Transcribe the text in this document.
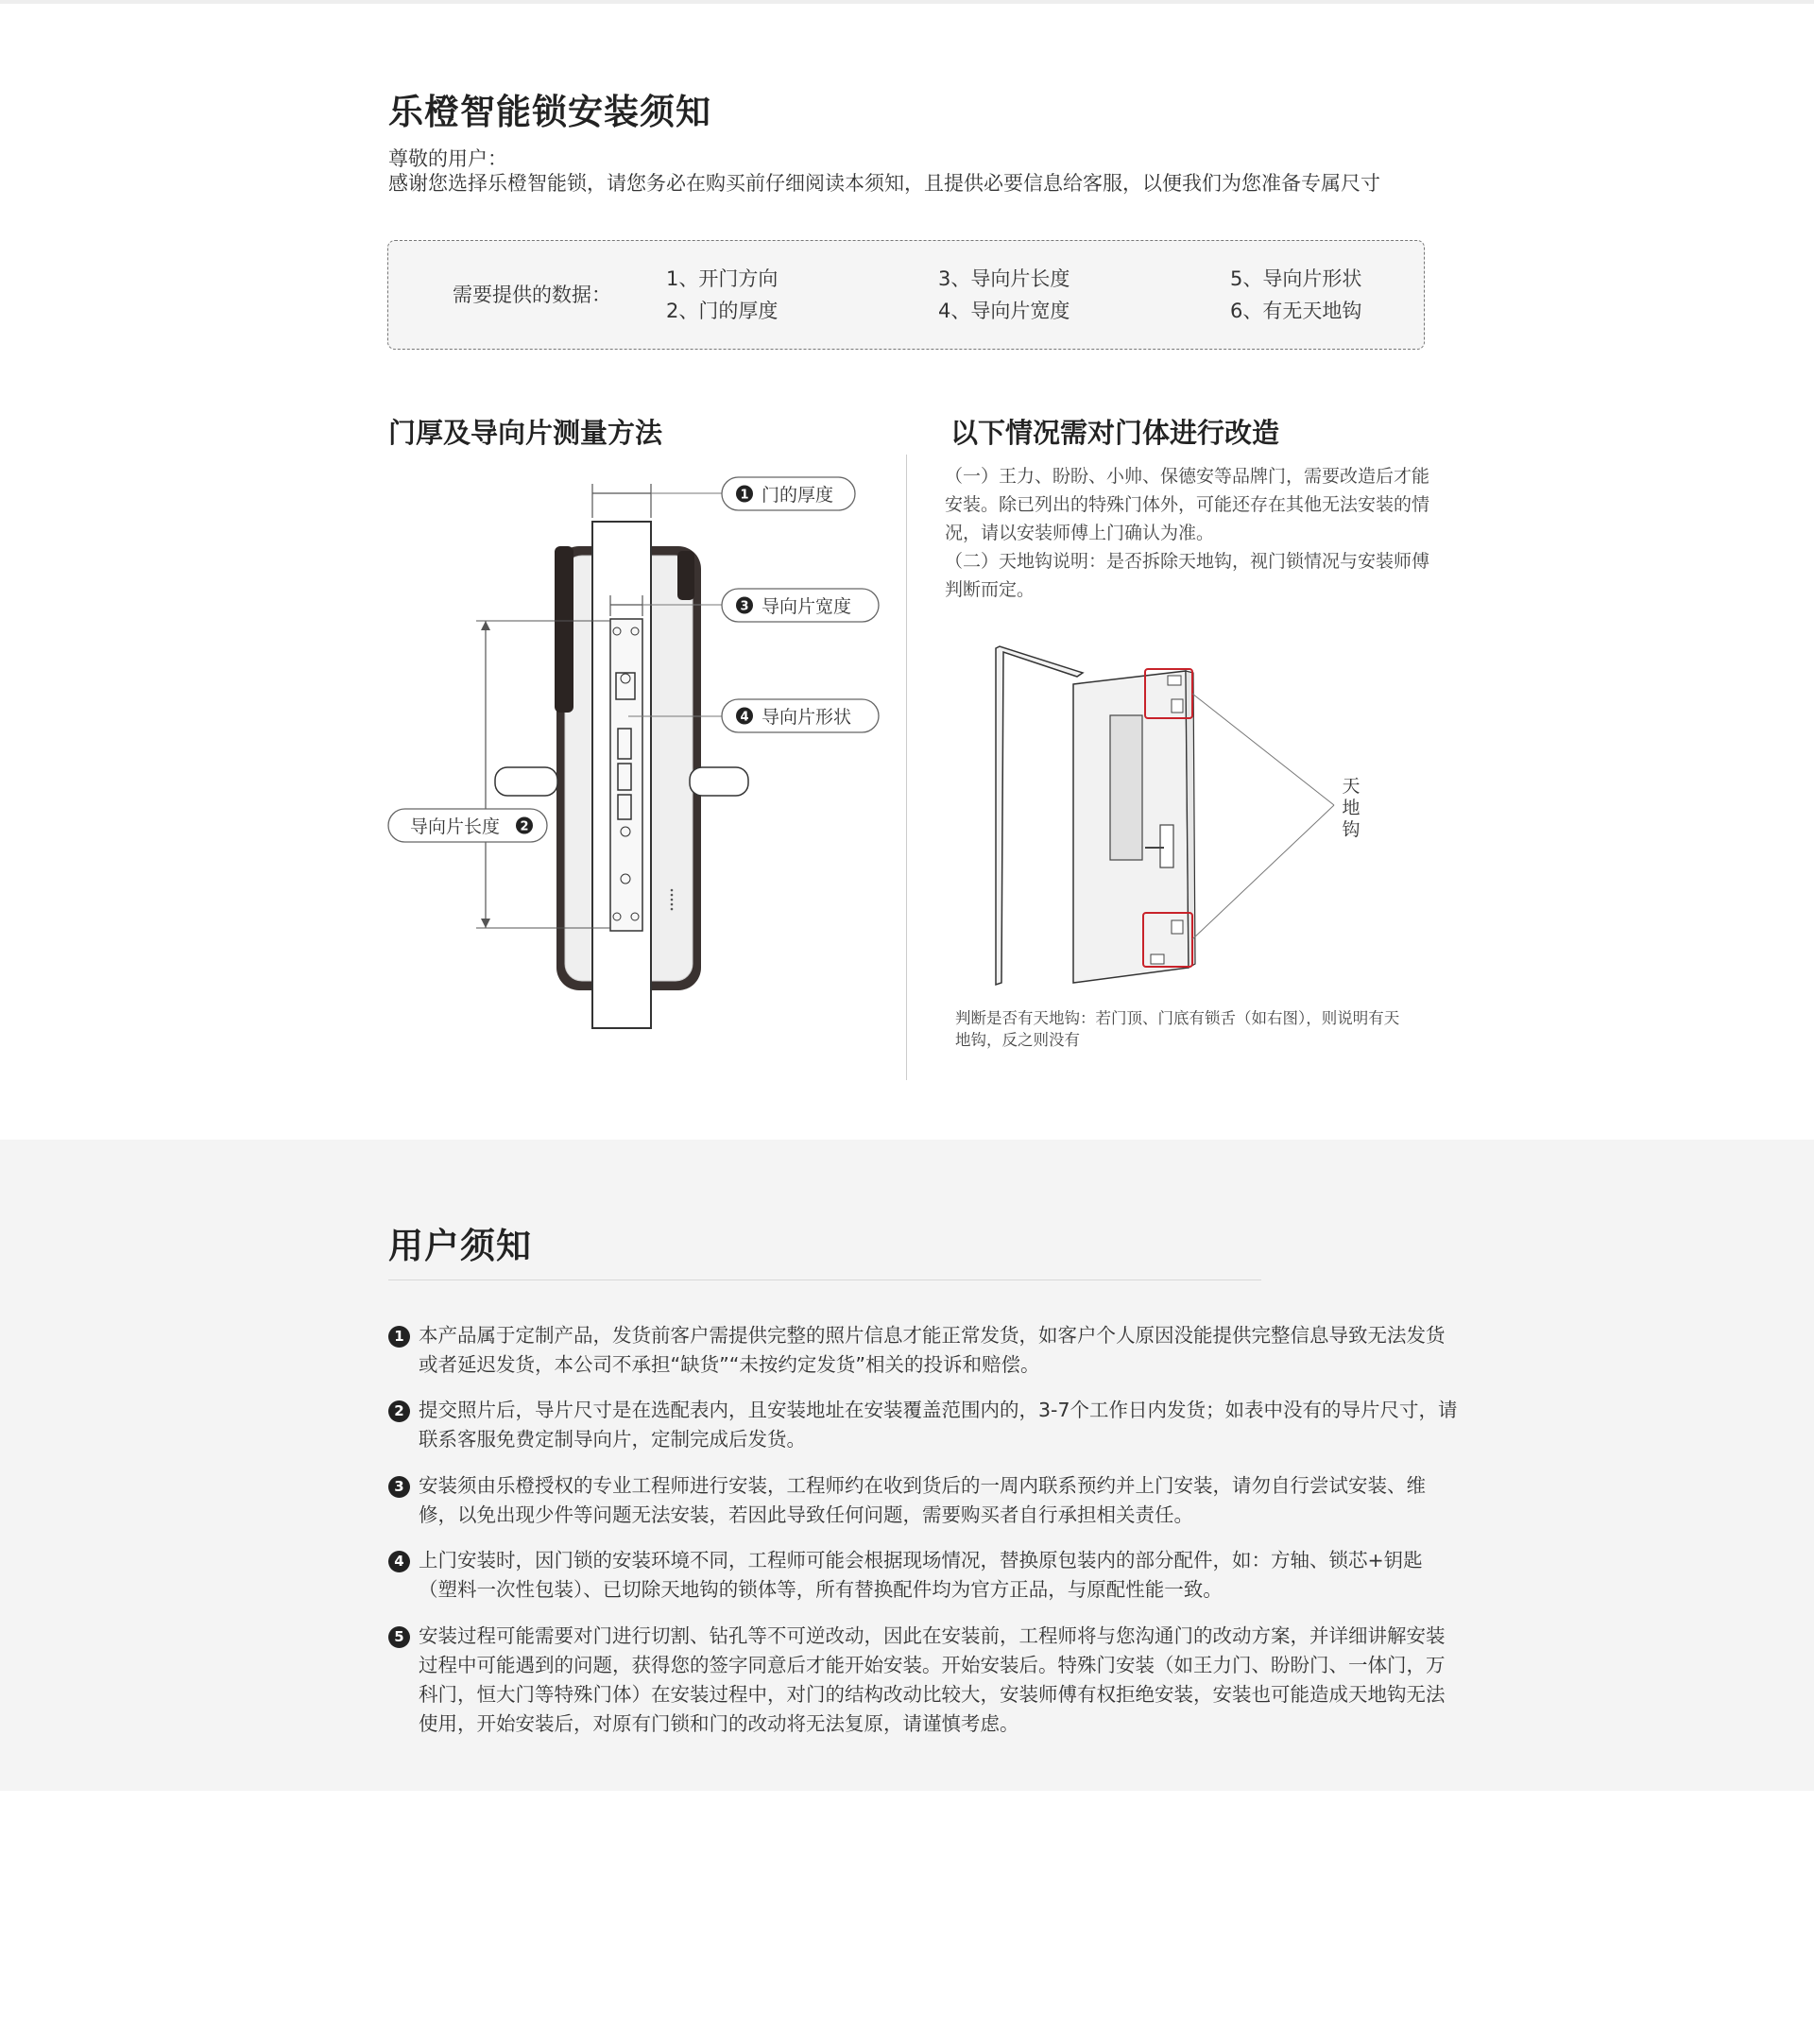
乐橙智能锁安装须知
尊敬的用户：
感谢您选择乐橙智能锁，请您务必在购买前仔细阅读本须知，且提供必要信息给客服，以便我们为您准备专属尺寸
需要提供的数据：
1、开门方向
2、门的厚度
3、导向片长度
4、导向片宽度
5、导向片形状
6、有无天地钩
门厚及导向片测量方法	以下情况需对门体进行改造
1 门的厚度
3 导向片宽度
4 导向片形状
导向片长度 2
（一）王力、盼盼、小帅、保德安等品牌门，需要改造后才能安装。除已列出的特殊门体外，可能还存在其他无法安装的情况，请以安装师傅上门确认为准。
（二）天地钩说明：是否拆除天地钩，视门锁情况与安装师傅判断而定。
天
地
钩
判断是否有天地钩：若门顶、门底有锁舌（如右图），则说明有天地钩，反之则没有
用户须知
1 本产品属于定制产品，发货前客户需提供完整的照片信息才能正常发货，如客户个人原因没能提供完整信息导致无法发货或者延迟发货，本公司不承担“缺货”“未按约定发货”相关的投诉和赔偿。
2 提交照片后，导片尺寸是在选配表内，且安装地址在安装覆盖范围内的，3-7个工作日内发货；如表中没有的导片尺寸，请联系客服免费定制导向片，定制完成后发货。
3 安装须由乐橙授权的专业工程师进行安装，工程师约在收到货后的一周内联系预约并上门安装，请勿自行尝试安装、维修，以免出现少件等问题无法安装，若因此导致任何问题，需要购买者自行承担相关责任。
4 上门安装时，因门锁的安装环境不同，工程师可能会根据现场情况，替换原包装内的部分配件，如：方轴、锁芯+钥匙（塑料一次性包装）、已切除天地钩的锁体等，所有替换配件均为官方正品，与原配性能一致。
5 安装过程可能需要对门进行切割、钻孔等不可逆改动，因此在安装前，工程师将与您沟通门的改动方案，并详细讲解安装过程中可能遇到的问题，获得您的签字同意后才能开始安装。开始安装后。特殊门安装（如王力门、盼盼门、一体门，万科门，恒大门等特殊门体）在安装过程中，对门的结构改动比较大，安装师傅有权拒绝安装，安装也可能造成天地钩无法使用，开始安装后，对原有门锁和门的改动将无法复原，请谨慎考虑。
